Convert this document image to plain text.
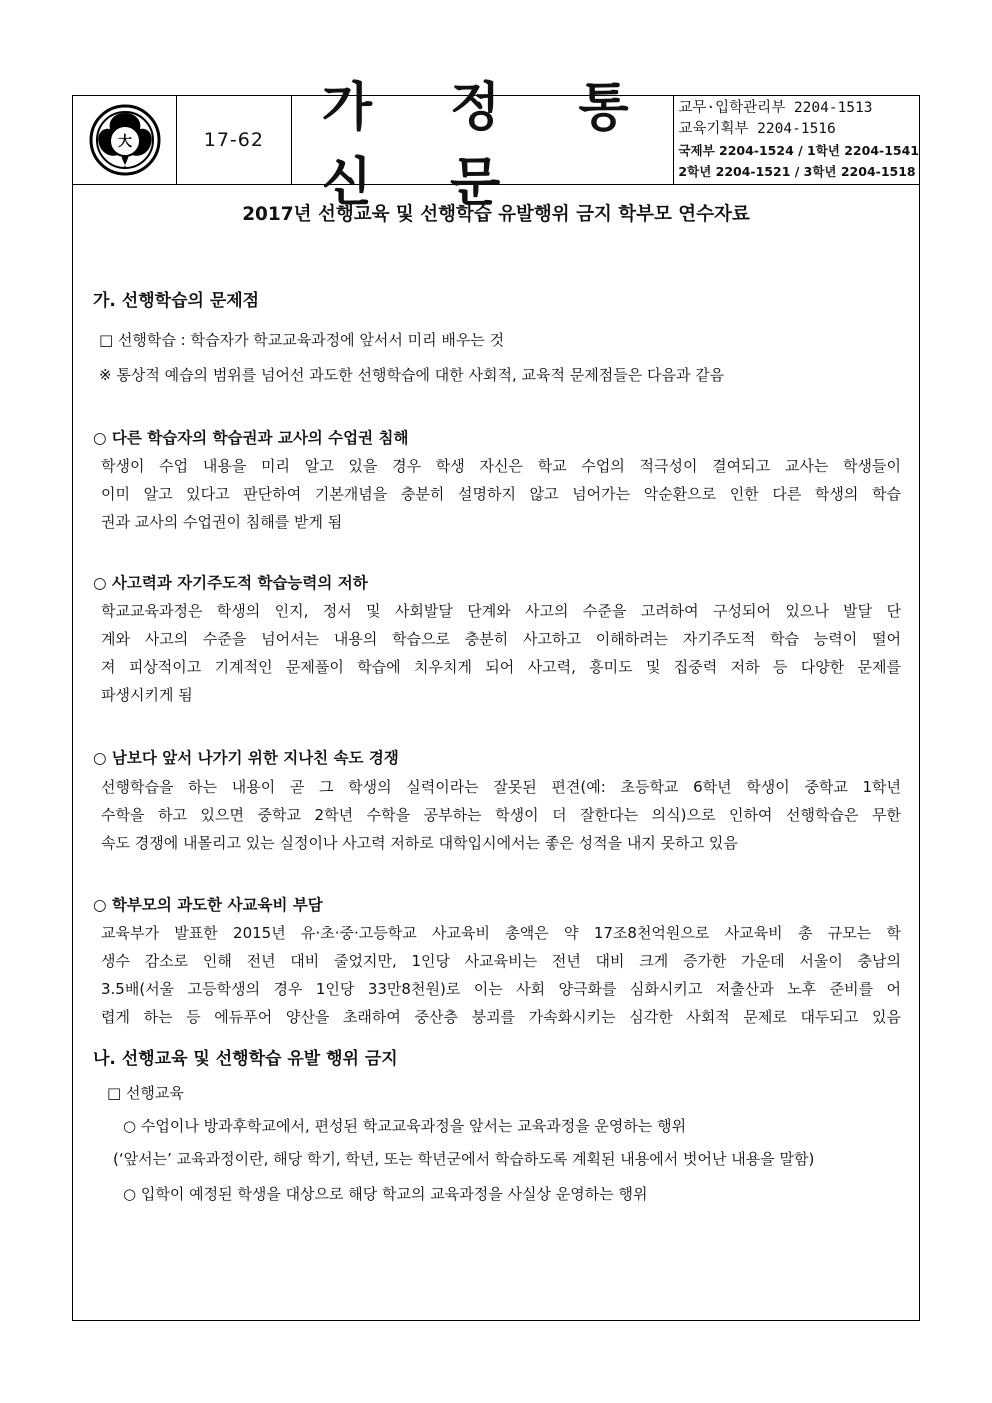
大	17-62
가 정 통 신 문
교무·입학관리부 2204-1513
교육기획부 2204-1516
국제부 2204-1524 / 1학년 2204-1541
2학년 2204-1521 / 3학년 2204-1518
2017년 선행교육 및 선행학습 유발행위 금지 학부모 연수자료
가. 선행학습의 문제점
□ 선행학습 : 학습자가 학교교육과정에 앞서서 미리 배우는 것
※ 통상적 예습의 범위를 넘어선 과도한 선행학습에 대한 사회적, 교육적 문제점들은 다음과 같음
○ 다른 학습자의 학습권과 교사의 수업권 침해
학생이 수업 내용을 미리 알고 있을 경우 학생 자신은 학교 수업의 적극성이 결여되고 교사는 학생들이
이미 알고 있다고 판단하여 기본개념을 충분히 설명하지 않고 넘어가는 악순환으로 인한 다른 학생의 학습
권과 교사의 수업권이 침해를 받게 됨
○ 사고력과 자기주도적 학습능력의 저하
학교교육과정은 학생의 인지, 정서 및 사회발달 단계와 사고의 수준을 고려하여 구성되어 있으나 발달 단
계와 사고의 수준을 넘어서는 내용의 학습으로 충분히 사고하고 이해하려는 자기주도적 학습 능력이 떨어
져 피상적이고 기계적인 문제풀이 학습에 치우치게 되어 사고력, 흥미도 및 집중력 저하 등 다양한 문제를
파생시키게 됨
○ 남보다 앞서 나가기 위한 지나친 속도 경쟁
선행학습을 하는 내용이 곧 그 학생의 실력이라는 잘못된 편견(예: 초등학교 6학년 학생이 중학교 1학년
수학을 하고 있으면 중학교 2학년 수학을 공부하는 학생이 더 잘한다는 의식)으로 인하여 선행학습은 무한
속도 경쟁에 내몰리고 있는 실정이나 사고력 저하로 대학입시에서는 좋은 성적을 내지 못하고 있음
○ 학부모의 과도한 사교육비 부담
교육부가 발표한 2015년 유·초·중·고등학교 사교육비 총액은 약 17조8천억원으로 사교육비 총 규모는 학
생수 감소로 인해 전년 대비 줄었지만, 1인당 사교육비는 전년 대비 크게 증가한 가운데 서울이 충남의
3.5배(서울 고등학생의 경우 1인당 33만8천원)로 이는 사회 양극화를 심화시키고 저출산과 노후 준비를 어
렵게 하는 등 에듀푸어 양산을 초래하여 중산층 붕괴를 가속화시키는 심각한 사회적 문제로 대두되고 있음
나. 선행교육 및 선행학습 유발 행위 금지
□ 선행교육
○ 수업이나 방과후학교에서, 편성된 학교교육과정을 앞서는 교육과정을 운영하는 행위
(‘앞서는’ 교육과정이란, 해당 학기, 학년, 또는 학년군에서 학습하도록 계획된 내용에서 벗어난 내용을 말함)
○ 입학이 예정된 학생을 대상으로 해당 학교의 교육과정을 사실상 운영하는 행위
